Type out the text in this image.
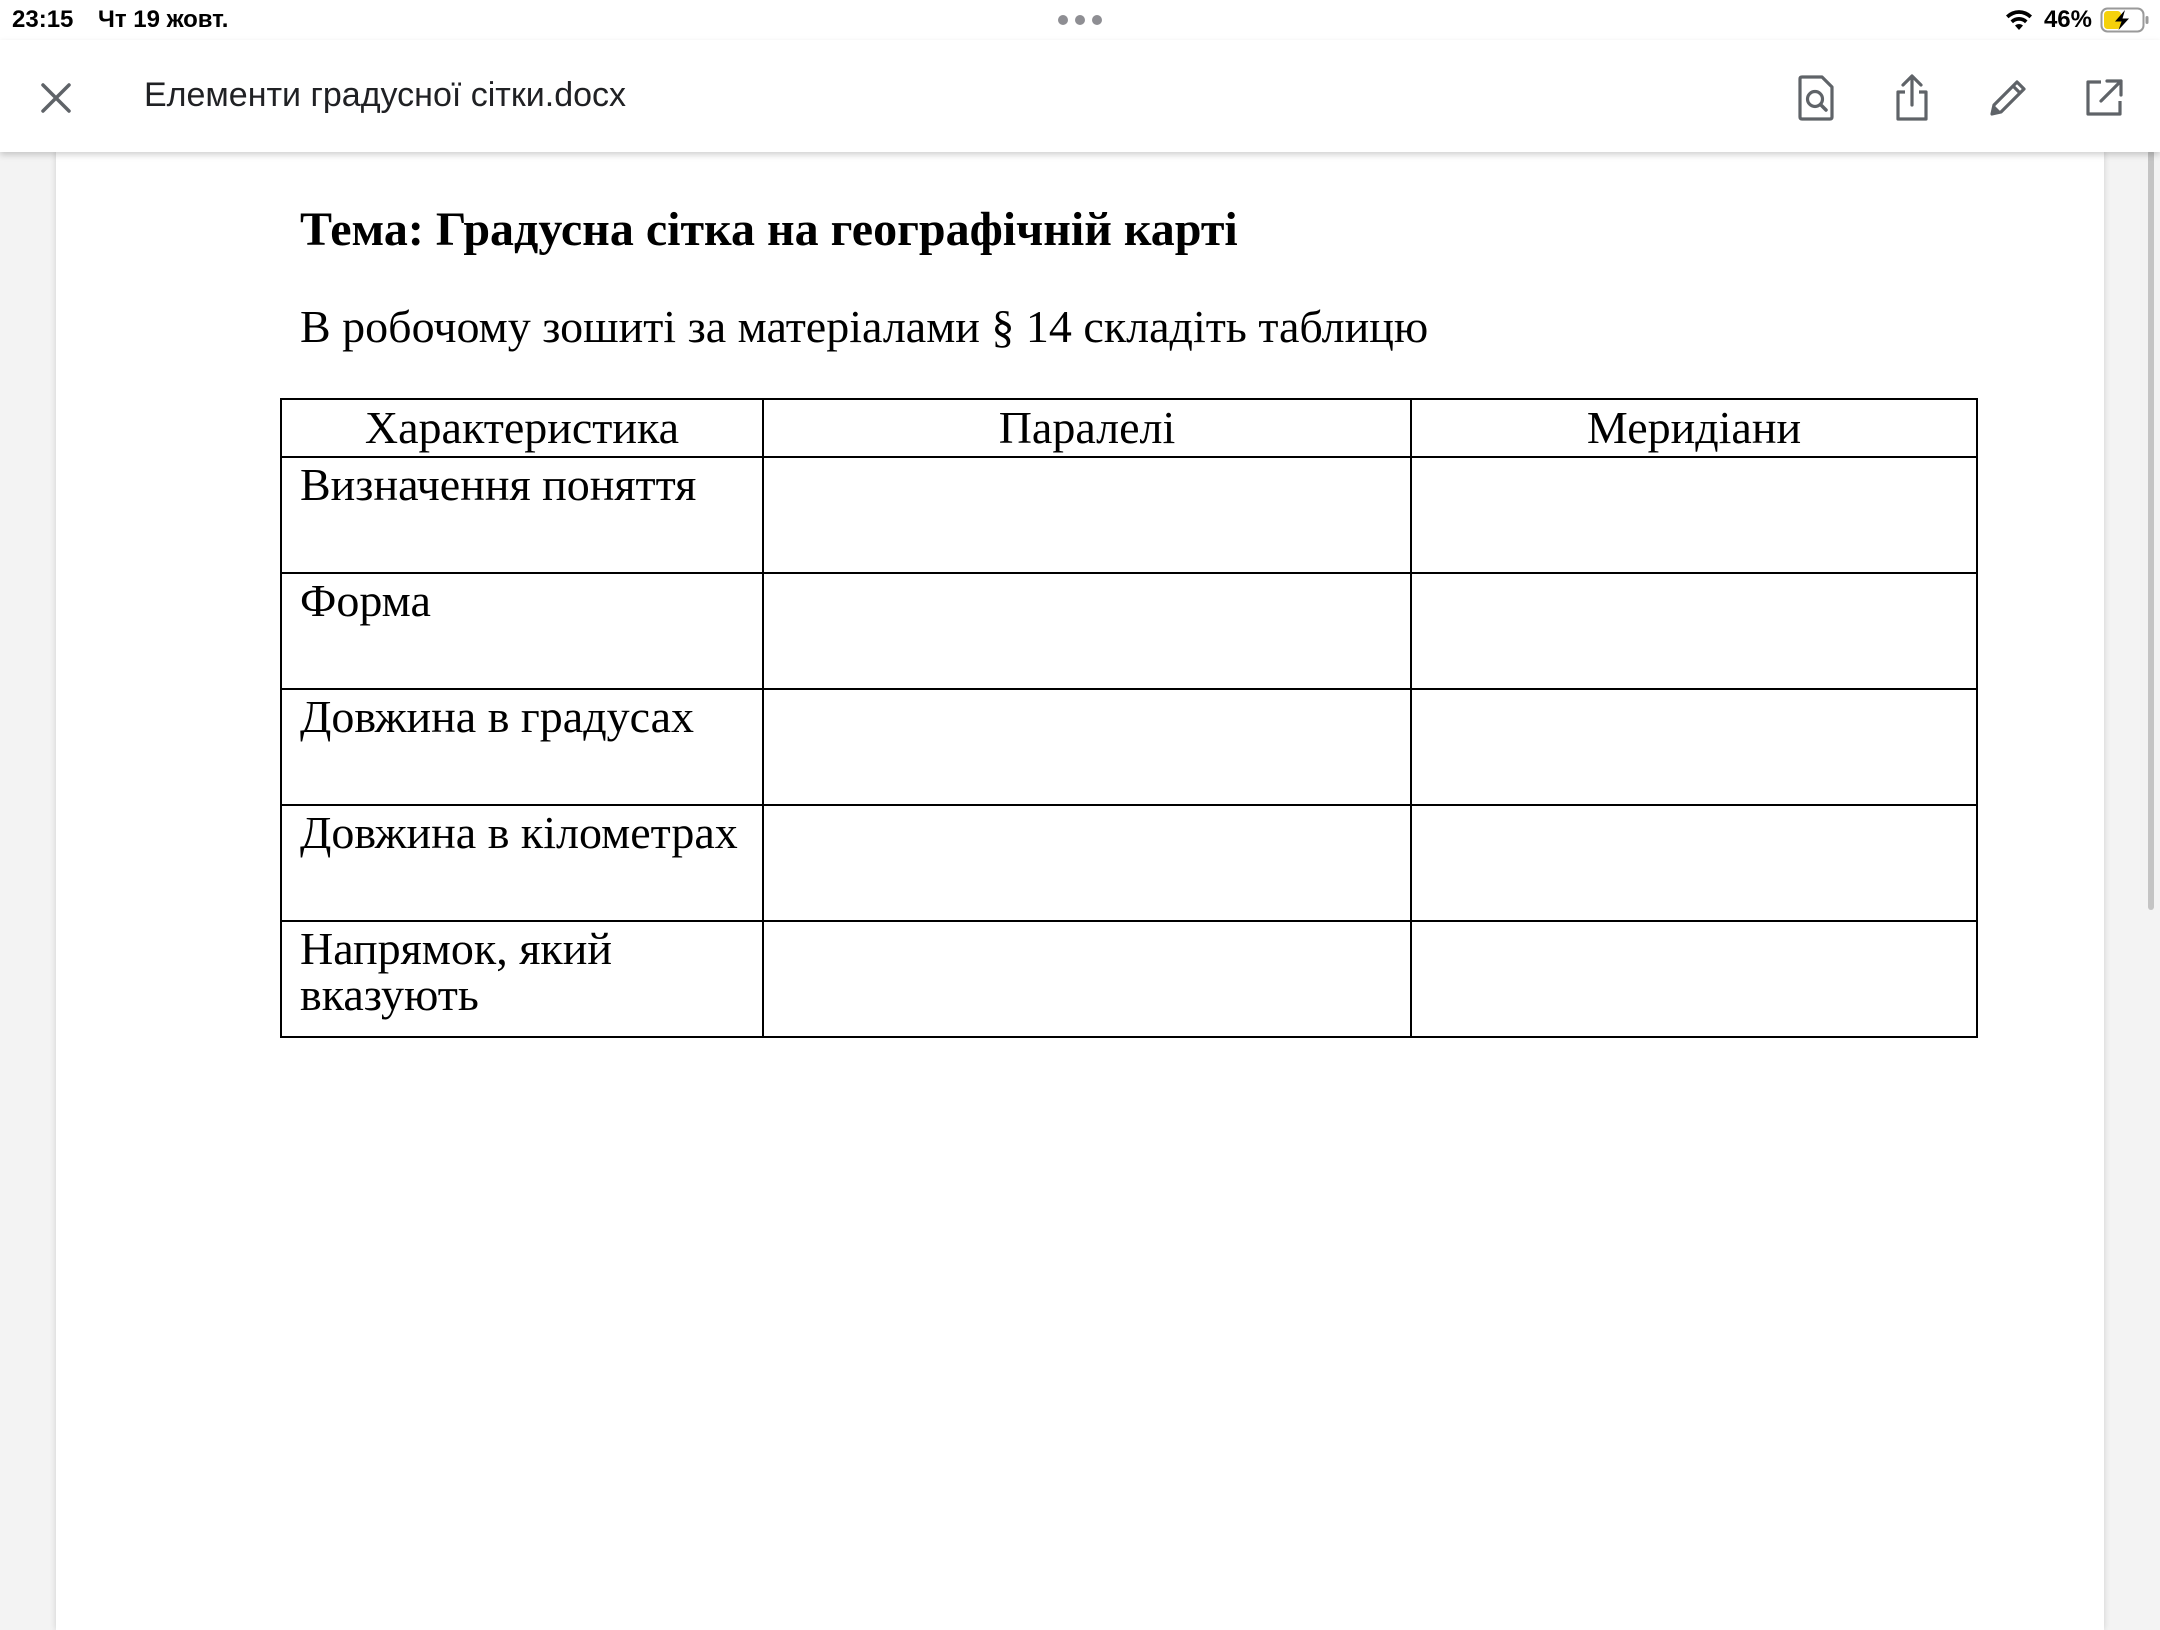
23:15 Чт 19 жовт.	46%
Елементи градусної сітки.docx
Тема: Градусна сітка на географічній карті
В робочому зошиті за матеріалами § 14 складіть таблицю
Характеристика	Паралелі	Меридіани
Визначення поняття		
Форма		
Довжина в градусах		
Довжина в кілометрах		
Напрямок, який вказують		
